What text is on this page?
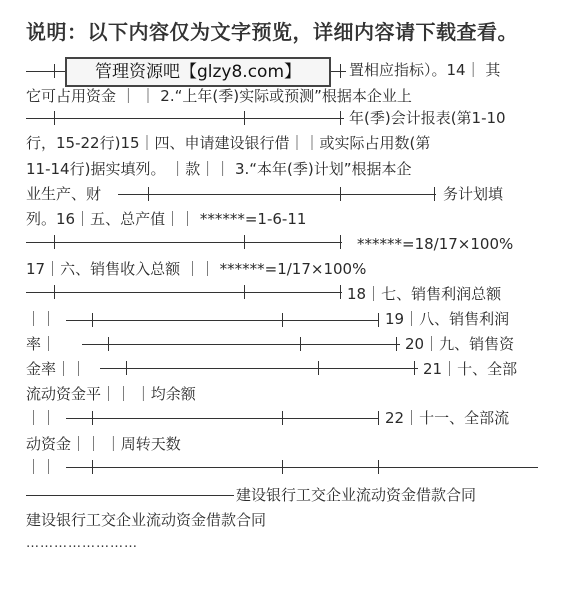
说明：以下内容仅为文字预览，详细内容请下载查看。
置相应指标）。14｜ 其
管理资源吧【glzy8.com】
它可占用资金 ｜ ｜ 2.“上年(季)实际或预测”根据本企业上
年(季)会计报表(第1-10
行，15-22行)15｜四、申请建设银行借｜｜或实际占用数(第
11-14行)据实填列。 ｜款｜｜ 3.“本年(季)计划”根据本企
业生产、财	务计划填
列。16｜五、总产值｜｜ ******=1-6-11
******=18/17×100%
17｜六、销售收入总额 ｜｜ ******=1/17×100%
18｜七、销售利润总额
｜｜	19｜八、销售利润
率｜	20｜九、销售资
金率｜｜	21｜十、全部
流动资金平｜｜ ｜均余额
｜｜	22｜十一、全部流
动资金｜｜ ｜周转天数
｜｜
建设银行工交企业流动资金借款合同
建设银行工交企业流动资金借款合同
……………………
